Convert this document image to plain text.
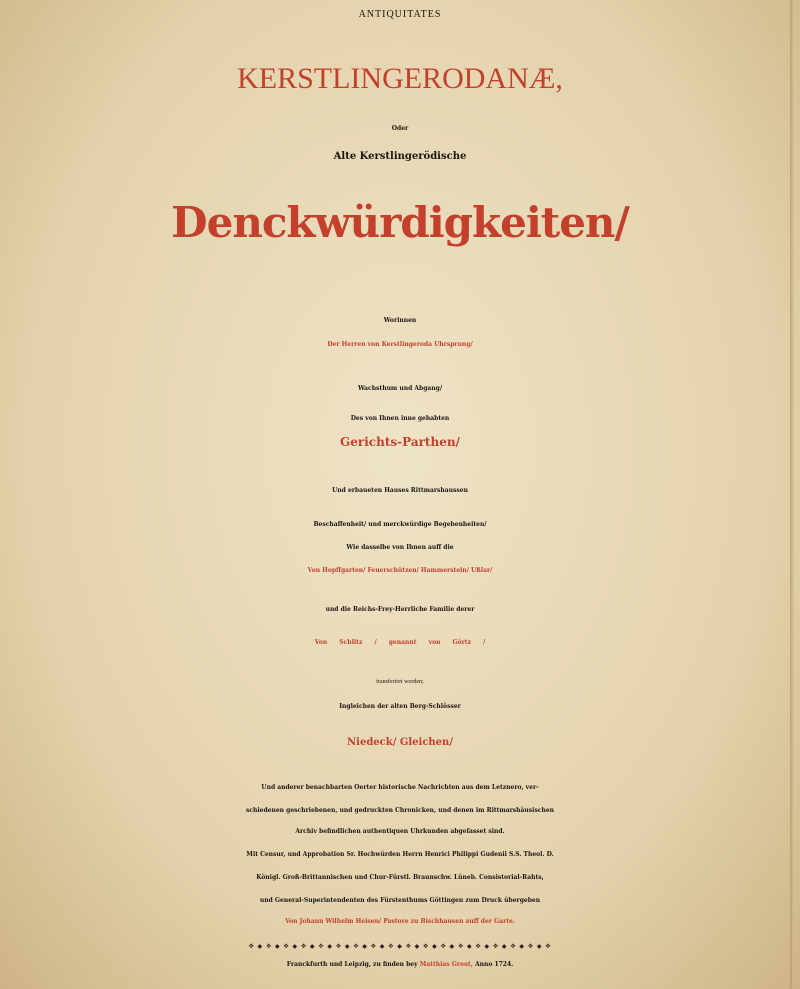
ANTIQUITATES
KERSTLINGERODANÆ,
Oder
Alte Kerstlingerödische
Denckwürdigkeiten/
Worinnen
Der Herren von Kerstlingeroda Uhrsprung/
Wachsthum und Abgang/
Des von Ihnen inne gehabten
Gerichts-Parthen/
Und erbaueten Hauses Rittmarshaussen
Beschaffenheit/ und merckwürdige Begebenheiten/
Wie dasselbe von Ihnen auff die
Von Hopffgarten/ Feuerschützen/ Hammerstein/ Ußlar/
und die Reichs-Frey-Herrliche Familie derer
Von Schlitz / genannt von Görtz /
transferiret worden;
Ingleichen der alten Berg-Schlösser
Niedeck/ Gleichen/
Und anderer benachbarten Oerter historische Nachrichten aus dem Letznero, ver-
schiedenen geschriebenen, und gedruckten Chronicken, und denen im Rittmarshäusischen
Archiv befindlichen authentiquen Uhrkunden abgefasset sind.
Mit Censur, und Approbation Sr. Hochwürden Herrn Henrici Philippi Gudenii S.S. Theol. D.
Königl. Groß-Brittannischen und Chur-Fürstl. Braunschw. Lüneb. Consistorial-Rahts,
und General-Superintendenten des Fürstenthums Göttingen zum Druck übergeben
Von Johann Wilhelm Heisen/ Pastore zu Bischhausen auff der Garte.
✥ ◆ ✥ ◆ ✥ ◆ ✥ ◆ ✥ ◆ ✥ ◆ ✥ ◆ ✥ ◆ ✥ ◆ ✥ ◆ ✥ ◆ ✥ ◆ ✥ ◆ ✥ ◆ ✥ ◆ ✥ ◆ ✥ ◆ ✥
Franckfurth und Leipzig, zu finden bey Matthias Groot, Anno 1724.
